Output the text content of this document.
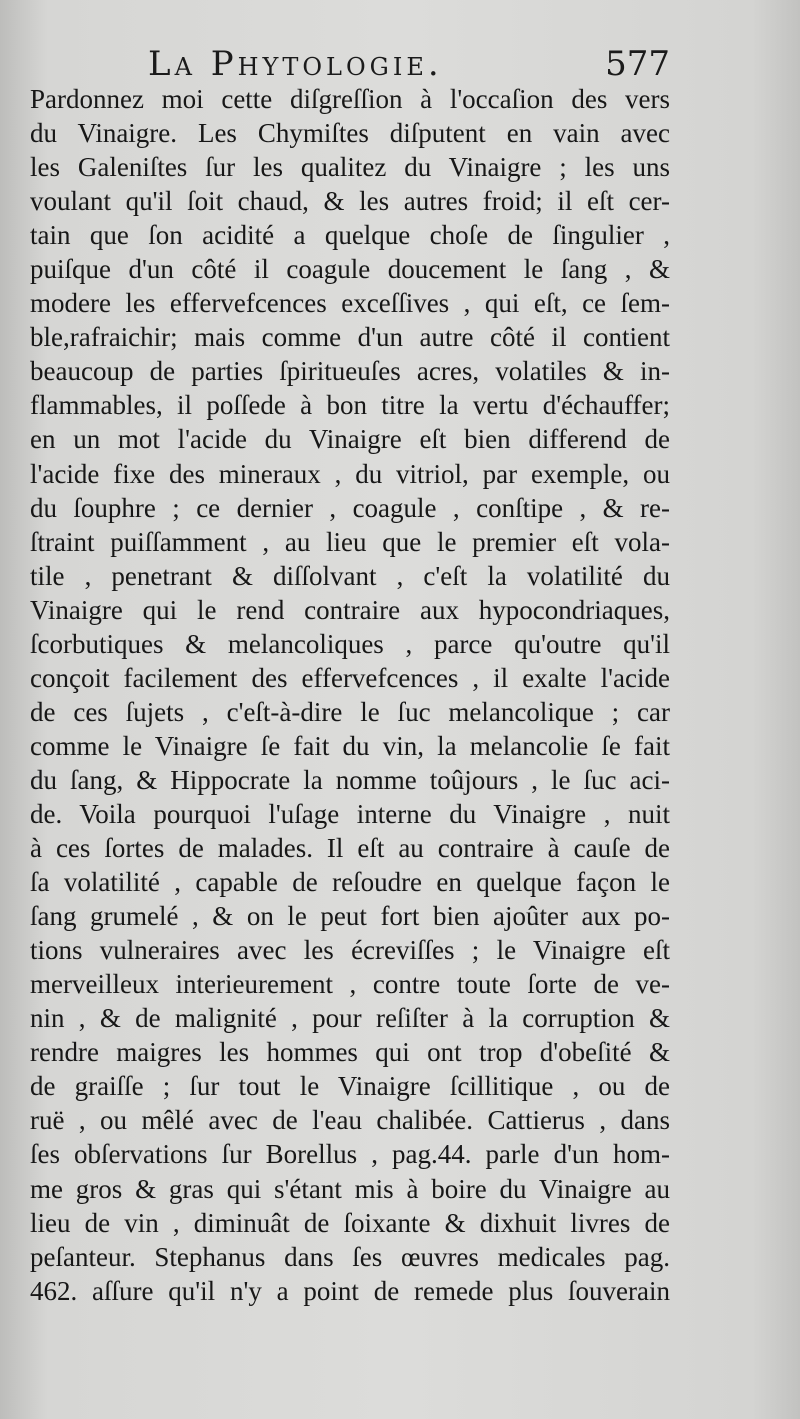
La Phytologie.	577
Pardonnez moi cette diſgreſſion à l'occaſion des vers
du Vinaigre. Les Chymiſtes diſputent en vain avec
les Galeniſtes ſur les qualitez du Vinaigre ; les uns
voulant qu'il ſoit chaud, & les autres froid; il eſt cer-
tain que ſon acidité a quelque choſe de ſingulier ,
puiſque d'un côté il coagule doucement le ſang , &
modere les effervefcences exceſſives , qui eſt, ce ſem-
ble,rafraichir; mais comme d'un autre côté il contient
beaucoup de parties ſpiritueuſes acres, volatiles & in-
flammables, il poſſede à bon titre la vertu d'échauffer;
en un mot l'acide du Vinaigre eſt bien differend de
l'acide fixe des mineraux , du vitriol, par exemple, ou
du ſouphre ; ce dernier , coagule , conſtipe , & re-
ſtraint puiſſamment , au lieu que le premier eſt vola-
tile , penetrant & diſſolvant , c'eſt la volatilité du
Vinaigre qui le rend contraire aux hypocondriaques,
ſcorbutiques & melancoliques , parce qu'outre qu'il
conçoit facilement des effervefcences , il exalte l'acide
de ces ſujets , c'eſt-à-dire le ſuc melancolique ; car
comme le Vinaigre ſe fait du vin, la melancolie ſe fait
du ſang, & Hippocrate la nomme toûjours , le ſuc aci-
de. Voila pourquoi l'uſage interne du Vinaigre , nuit
à ces ſortes de malades. Il eſt au contraire à cauſe de
ſa volatilité , capable de reſoudre en quelque façon le
ſang grumelé , & on le peut fort bien ajoûter aux po-
tions vulneraires avec les écreviſſes ; le Vinaigre eſt
merveilleux interieurement , contre toute ſorte de ve-
nin , & de malignité , pour reſiſter à la corruption &
rendre maigres les hommes qui ont trop d'obeſité &
de graiſſe ; ſur tout le Vinaigre ſcillitique , ou de
ruë , ou mêlé avec de l'eau chalibée. Cattierus , dans
ſes obſervations ſur Borellus , pag.44. parle d'un hom-
me gros & gras qui s'étant mis à boire du Vinaigre au
lieu de vin , diminuât de ſoixante & dixhuit livres de
peſanteur. Stephanus dans ſes œuvres medicales pag.
462. aſſure qu'il n'y a point de remede plus ſouverain
